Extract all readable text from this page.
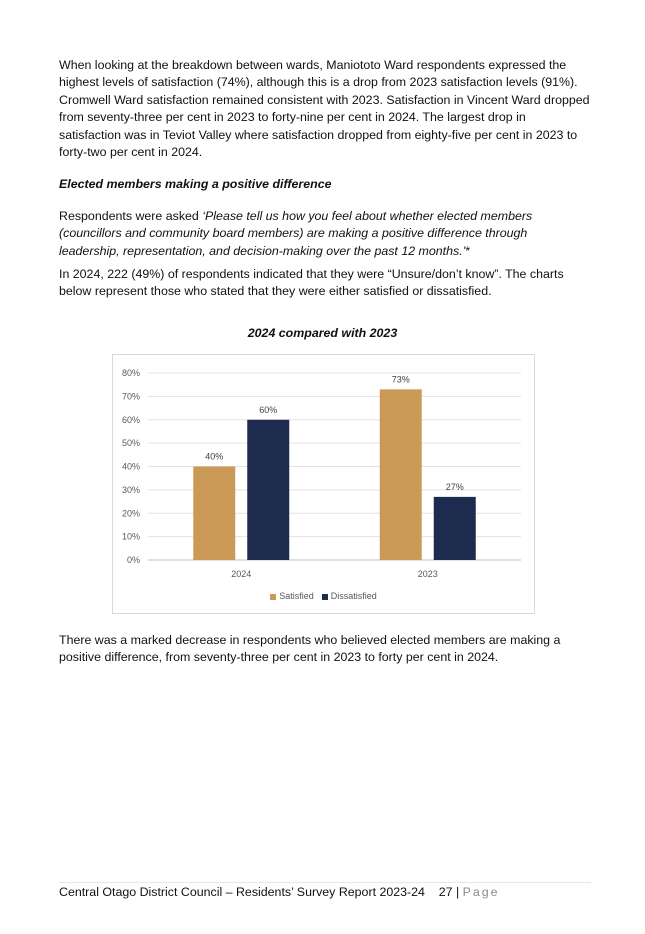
When looking at the breakdown between wards, Maniototo Ward respondents expressed the highest levels of satisfaction (74%), although this is a drop from 2023 satisfaction levels (91%). Cromwell Ward satisfaction remained consistent with 2023. Satisfaction in Vincent Ward dropped from seventy-three per cent in 2023 to forty-nine per cent in 2024. The largest drop in satisfaction was in Teviot Valley where satisfaction dropped from eighty-five per cent in 2023 to forty-two per cent in 2024.

Elected members making a positive difference

Respondents were asked ‘Please tell us how you feel about whether elected members (councillors and community board members) are making a positive difference through leadership, representation, and decision-making over the past 12 months.’*

In 2024, 222 (49%) of respondents indicated that they were “Unsure/don’t know”. The charts below represent those who stated that they were either satisfied or dissatisfied.

2024 compared with 2023
0%
10%
20%
30%
40%
50%
60%
70%
80%
40%
60%
2024
73%
27%
2023
Satisfied Dissatisfied

There was a marked decrease in respondents who believed elected members are making a positive difference, from seventy-three per cent in 2023 to forty per cent in 2024.

Central Otago District Council – Residents’ Survey Report 2023-24 27 | Page
